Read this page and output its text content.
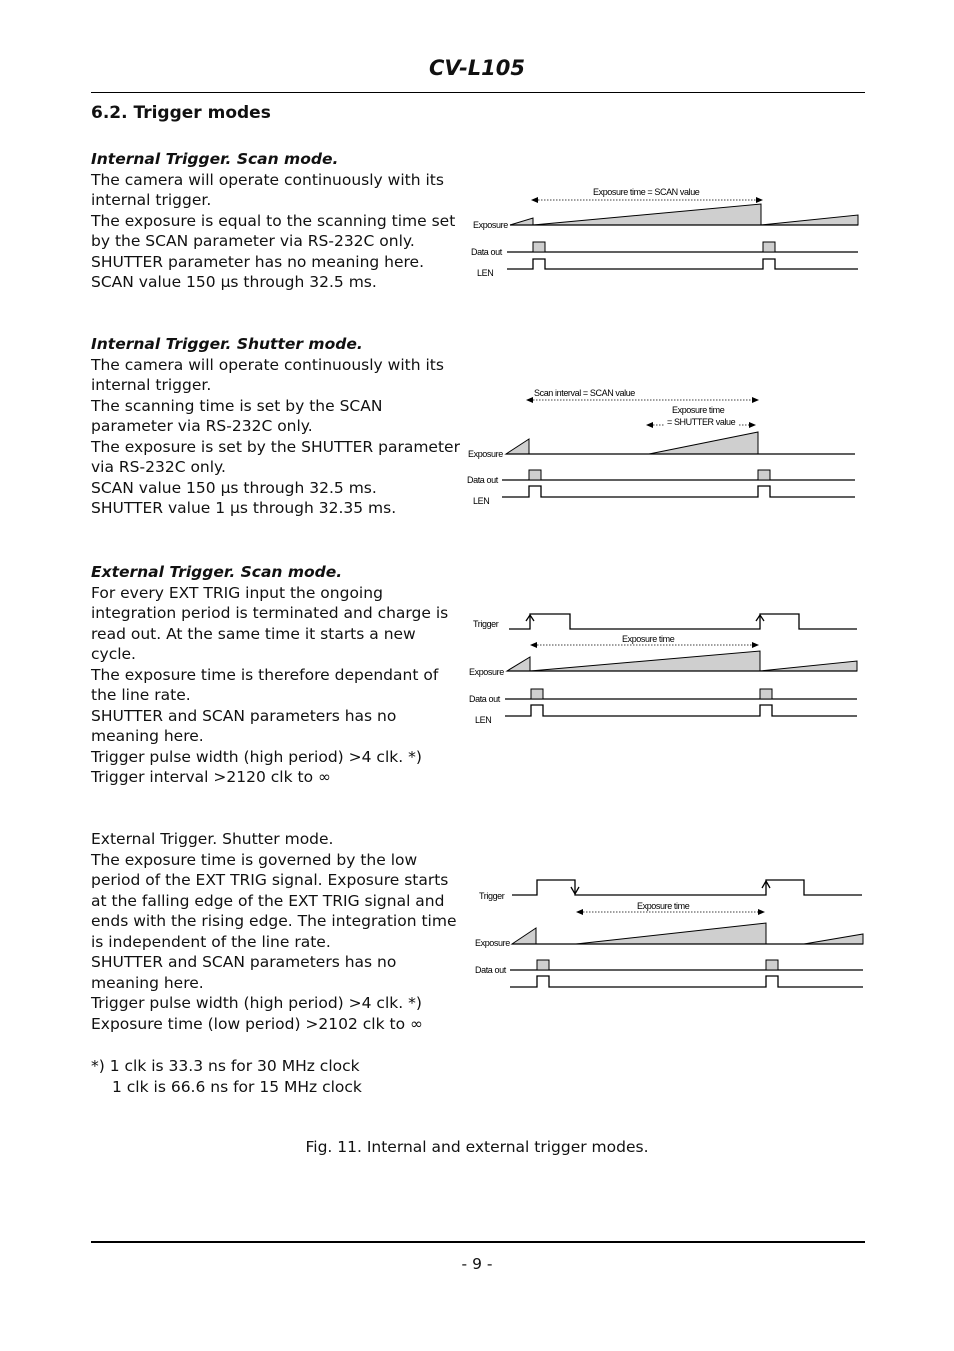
CV-L105
6.2. Trigger modes

Internal Trigger. Scan mode.

The camera will operate continuously with its internal trigger.

The exposure is equal to the scanning time set by the SCAN parameter via RS-232C only.

SHUTTER parameter has no meaning here.

SCAN value 150 µs through 32.5 ms.

Internal Trigger. Shutter mode.

The camera will operate continuously with its internal trigger.

The scanning time is set by the SCAN parameter via RS-232C only.

The exposure is set by the SHUTTER parameter via RS-232C only.

SCAN value 150 µs through 32.5 ms.

SHUTTER value 1 µs through 32.35 ms.

External Trigger. Scan mode.

For every EXT TRIG input the ongoing integration period is terminated and charge is read out. At the same time it starts a new cycle.

The exposure time is therefore dependant of the line rate.

SHUTTER and SCAN parameters has no meaning here.

Trigger pulse width (high period) >4 clk. *)

Trigger interval >2120 clk to ∞

External Trigger. Shutter mode.

The exposure time is governed by the low period of the EXT TRIG signal. Exposure starts at the falling edge of the EXT TRIG signal and ends with the rising edge. The integration time is independent of the line rate.

SHUTTER and SCAN parameters has no meaning here.

Trigger pulse width (high period) >4 clk. *)

Exposure time (low period) >2102 clk to ∞

*) 1 clk is 33.3 ns for 30 MHz clock
1 clk is 66.6 ns for 15 MHz clock
Exposure
Data out
LEN
Exposure time = SCAN value
Exposure
Data out
LEN
Scan interval = SCAN value
Exposure time
= SHUTTER value
Trigger
Exposure
Data out
LEN
Exposure time
Trigger
Exposure
Data out
Exposure time
Fig. 11. Internal and external trigger modes.
- 9 -
